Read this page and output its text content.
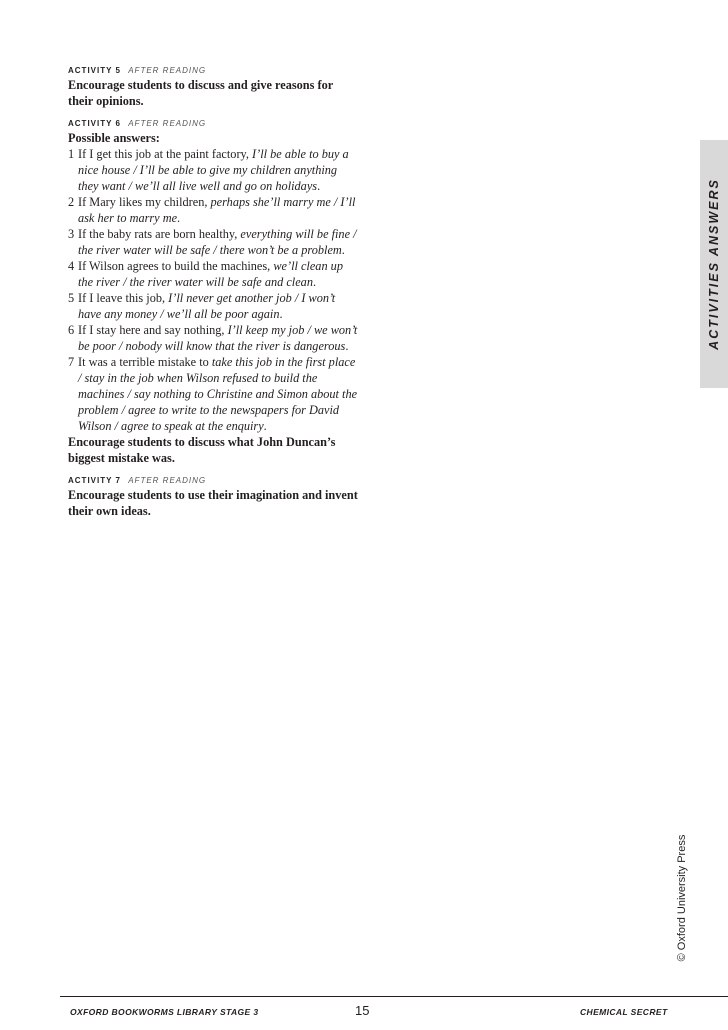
ACTIVITY 5 AFTER READING

Encourage students to discuss and give reasons for their opinions.

ACTIVITY 6 AFTER READING

Possible answers:

1 If I get this job at the paint factory, I’ll be able to buy a nice house / I’ll be able to give my children anything they want / we’ll all live well and go on holidays.
2 If Mary likes my children, perhaps she’ll marry me / I’ll ask her to marry me.
3 If the baby rats are born healthy, everything will be fine / the river water will be safe / there won’t be a problem.
4 If Wilson agrees to build the machines, we’ll clean up the river / the river water will be safe and clean.
5 If I leave this job, I’ll never get another job / I won’t have any money / we’ll all be poor again.
6 If I stay here and say nothing, I’ll keep my job / we won’t be poor / nobody will know that the river is dangerous.
7 It was a terrible mistake to take this job in the first place / stay in the job when Wilson refused to build the machines / say nothing to Christine and Simon about the problem / agree to write to the newspapers for David Wilson / agree to speak at the enquiry.

Encourage students to discuss what John Duncan’s biggest mistake was.

ACTIVITY 7 AFTER READING

Encourage students to use their imagination and invent their own ideas.

ACTIVITIES ANSWERS
© Oxford University Press
OXFORD BOOKWORMS LIBRARY STAGE 3	15	CHEMICAL SECRET
